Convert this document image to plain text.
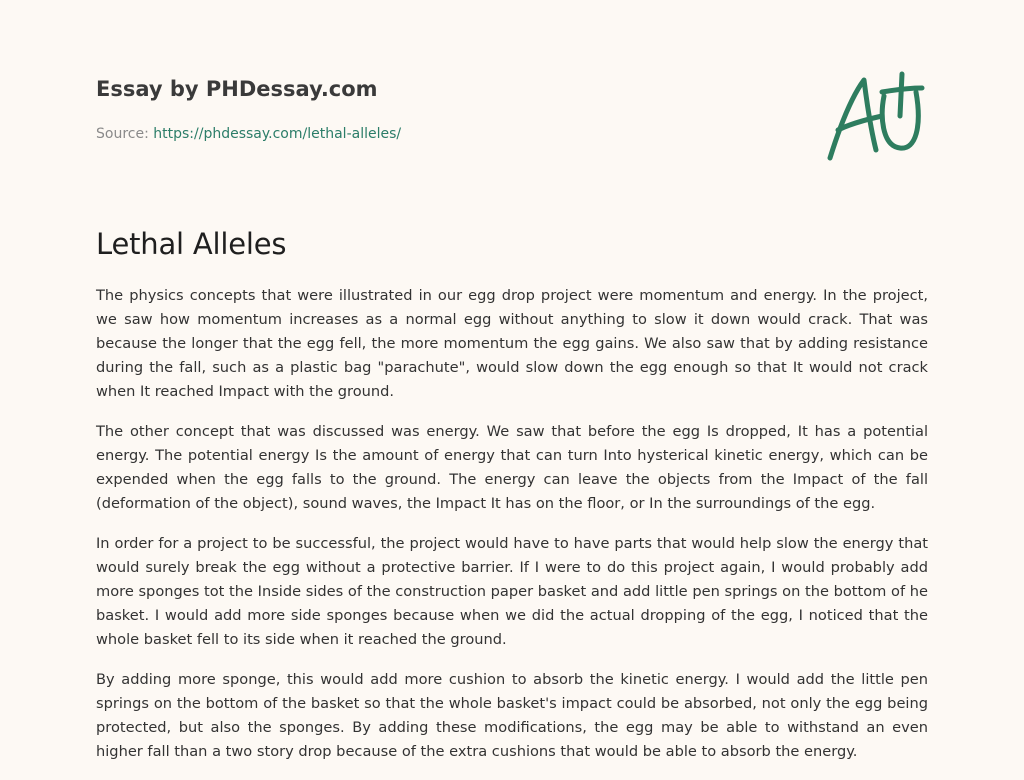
Essay by PHDessay.com
Source: https://phdessay.com/lethal-alleles/
Lethal Alleles

The physics concepts that were illustrated in our egg drop project were momentum and energy. In the project, we saw how momentum increases as a normal egg without anything to slow it down would crack. That was because the longer that the egg fell, the more momentum the egg gains. We also saw that by adding resistance during the fall, such as a plastic bag "parachute", would slow down the egg enough so that It would not crack when It reached Impact with the ground.

The other concept that was discussed was energy. We saw that before the egg Is dropped, It has a potential energy. The potential energy Is the amount of energy that can turn Into hysterical kinetic energy, which can be expended when the egg falls to the ground. The energy can leave the objects from the Impact of the fall (deformation of the object), sound waves, the Impact It has on the floor, or In the surroundings of the egg.

In order for a project to be successful, the project would have to have parts that would help slow the energy that would surely break the egg without a protective barrier. If I were to do this project again, I would probably add more sponges tot the Inside sides of the construction paper basket and add little pen springs on the bottom of he basket. I would add more side sponges because when we did the actual dropping of the egg, I noticed that the whole basket fell to its side when it reached the ground.

By adding more sponge, this would add more cushion to absorb the kinetic energy. I would add the little pen springs on the bottom of the basket so that the whole basket's impact could be absorbed, not only the egg being protected, but also the sponges. By adding these modifications, the egg may be able to withstand an even higher fall than a two story drop because of the extra cushions that would be able to absorb the energy.
